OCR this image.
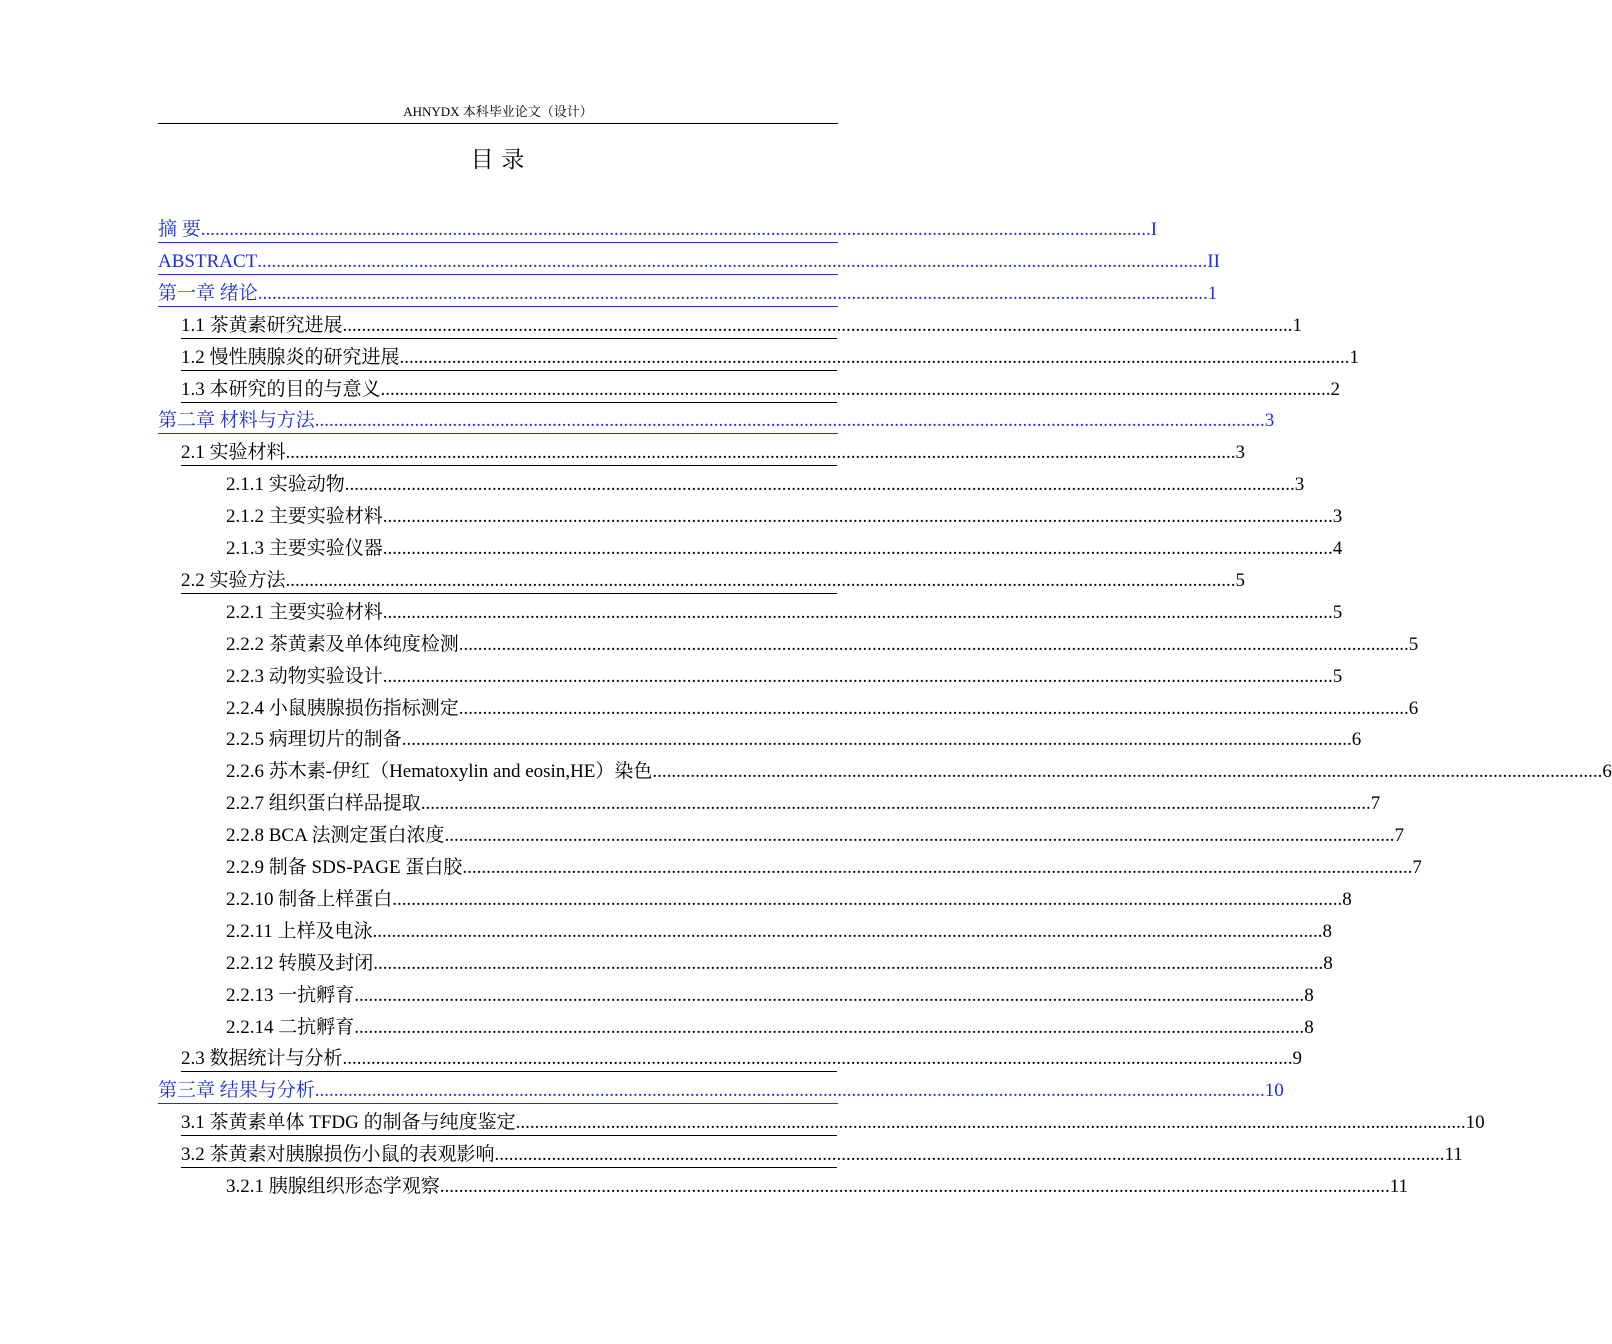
AHNYDX 本科毕业论文（设计）
目 录
摘 要 ........................................................................................................................................................................................................ I
ABSTRACT ........................................................................................................................................................................................................ II
第一章 绪论 ........................................................................................................................................................................................................ 1
1.1 茶黄素研究进展 ........................................................................................................................................................................................................ 1
1.2 慢性胰腺炎的研究进展 ........................................................................................................................................................................................................ 1
1.3 本研究的目的与意义 ........................................................................................................................................................................................................ 2
第二章 材料与方法 ........................................................................................................................................................................................................ 3
2.1 实验材料 ........................................................................................................................................................................................................ 3
2.1.1 实验动物 ........................................................................................................................................................................................................ 3
2.1.2 主要实验材料 ........................................................................................................................................................................................................ 3
2.1.3 主要实验仪器 ........................................................................................................................................................................................................ 4
2.2 实验方法 ........................................................................................................................................................................................................ 5
2.2.1 主要实验材料 ........................................................................................................................................................................................................ 5
2.2.2 茶黄素及单体纯度检测 ........................................................................................................................................................................................................ 5
2.2.3 动物实验设计 ........................................................................................................................................................................................................ 5
2.2.4 小鼠胰腺损伤指标测定 ........................................................................................................................................................................................................ 6
2.2.5 病理切片的制备 ........................................................................................................................................................................................................ 6
2.2.6 苏木素-伊红（Hematoxylin and eosin,HE）染色 ........................................................................................................................................................................................................ 6
2.2.7 组织蛋白样品提取 ........................................................................................................................................................................................................ 7
2.2.8 BCA 法测定蛋白浓度 ........................................................................................................................................................................................................ 7
2.2.9 制备 SDS-PAGE 蛋白胶 ........................................................................................................................................................................................................ 7
2.2.10 制备上样蛋白 ........................................................................................................................................................................................................ 8
2.2.11 上样及电泳 ........................................................................................................................................................................................................ 8
2.2.12 转膜及封闭 ........................................................................................................................................................................................................ 8
2.2.13 一抗孵育 ........................................................................................................................................................................................................ 8
2.2.14 二抗孵育 ........................................................................................................................................................................................................ 8
2.3 数据统计与分析 ........................................................................................................................................................................................................ 9
第三章 结果与分析 ........................................................................................................................................................................................................ 10
3.1 茶黄素单体 TFDG 的制备与纯度鉴定 ........................................................................................................................................................................................................ 10
3.2 茶黄素对胰腺损伤小鼠的表观影响 ........................................................................................................................................................................................................ 11
3.2.1 胰腺组织形态学观察 ........................................................................................................................................................................................................ 11
